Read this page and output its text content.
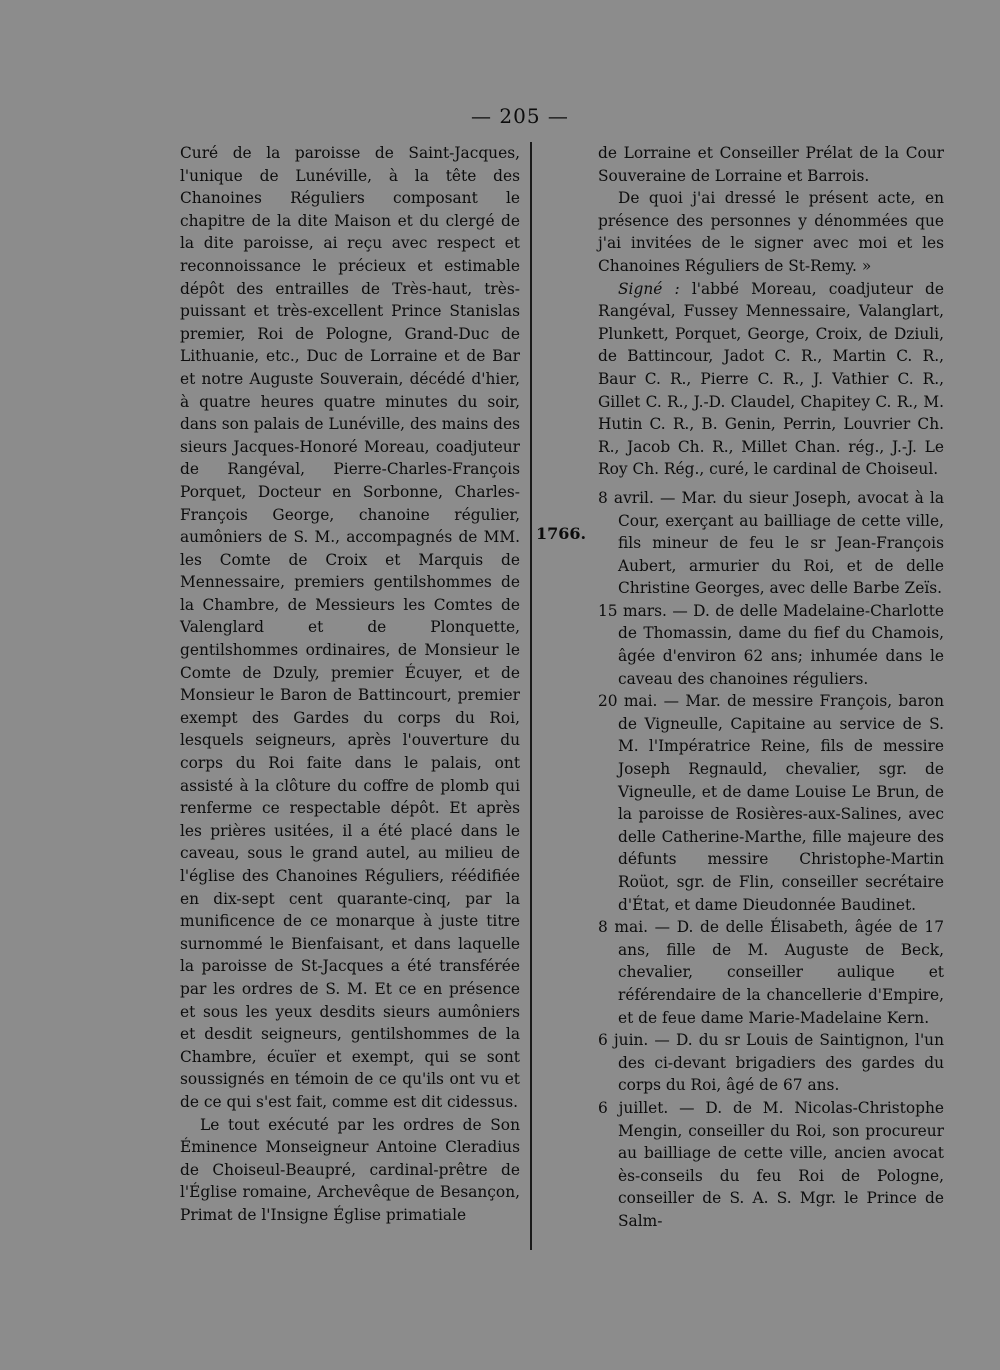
— 205 —

Curé de la paroisse de Saint-Jacques, l'unique de Lunéville, à la tête des Chanoines Réguliers composant le chapitre de la dite Maison et du clergé de la dite paroisse, ai reçu avec respect et reconnoissance le précieux et estimable dépôt des entrailles de Très-haut, très-puissant et très-excellent Prince Stanislas premier, Roi de Pologne, Grand-Duc de Lithuanie, etc., Duc de Lorraine et de Bar et notre Auguste Souverain, décédé d'hier, à quatre heures quatre minutes du soir, dans son palais de Lunéville, des mains des sieurs Jacques-Honoré Moreau, coadjuteur de Rangéval, Pierre-Charles-François Porquet, Docteur en Sorbonne, Charles-François George, chanoine régulier, aumôniers de S. M., accompagnés de MM. les Comte de Croix et Marquis de Mennessaire, premiers gentilshommes de la Chambre, de Messieurs les Comtes de Valenglard et de Plonquette, gentilshommes ordinaires, de Monsieur le Comte de Dzuly, premier Écuyer, et de Monsieur le Baron de Battincourt, premier exempt des Gardes du corps du Roi, lesquels seigneurs, après l'ouverture du corps du Roi faite dans le palais, ont assisté à la clôture du coffre de plomb qui renferme ce respectable dépôt. Et après les prières usitées, il a été placé dans le caveau, sous le grand autel, au milieu de l'église des Chanoines Réguliers, réédifiée en dix-sept cent quarante-cinq, par la munificence de ce monarque à juste titre surnommé le Bienfaisant, et dans laquelle la paroisse de St-Jacques a été transférée par les ordres de S. M. Et ce en présence et sous les yeux desdits sieurs aumôniers et desdit seigneurs, gentilshommes de la Chambre, écuïer et exempt, qui se sont soussignés en témoin de ce qu'ils ont vu et de ce qui s'est fait, comme est dit cidessus.

Le tout exécuté par les ordres de Son Éminence Monseigneur Antoine Cleradius de Choiseul-Beaupré, cardinal-prêtre de l'Église romaine, Archevêque de Besançon, Primat de l'Insigne Église primatiale

1766.

de Lorraine et Conseiller Prélat de la Cour Souveraine de Lorraine et Barrois.

De quoi j'ai dressé le présent acte, en présence des personnes y dénommées que j'ai invitées de le signer avec moi et les Chanoines Réguliers de St-Remy. »

Signé : l'abbé Moreau, coadjuteur de Rangéval, Fussey Mennessaire, Valanglart, Plunkett, Porquet, George, Croix, de Dziuli, de Battincour, Jadot C. R., Martin C. R., Baur C. R., Pierre C. R., J. Vathier C. R., Gillet C. R., J.-D. Claudel, Chapitey C. R., M. Hutin C. R., B. Genin, Perrin, Louvrier Ch. R., Jacob Ch. R., Millet Chan. rég., J.-J. Le Roy Ch. Rég., curé, le cardinal de Choiseul.

8 avril. — Mar. du sieur Joseph, avocat à la Cour, exerçant au bailliage de cette ville, fils mineur de feu le sr Jean-François Aubert, armurier du Roi, et de delle Christine Georges, avec delle Barbe Zeïs.

15 mars. — D. de delle Madelaine-Charlotte de Thomassin, dame du fief du Chamois, âgée d'environ 62 ans; inhumée dans le caveau des chanoines réguliers.

20 mai. — Mar. de messire François, baron de Vigneulle, Capitaine au service de S. M. l'Impératrice Reine, fils de messire Joseph Regnauld, chevalier, sgr. de Vigneulle, et de dame Louise Le Brun, de la paroisse de Rosières-aux-Salines, avec delle Catherine-Marthe, fille majeure des défunts messire Christophe-Martin Roüot, sgr. de Flin, conseiller secrétaire d'État, et dame Dieudonnée Baudinet.

8 mai. — D. de delle Élisabeth, âgée de 17 ans, fille de M. Auguste de Beck, chevalier, conseiller aulique et référendaire de la chancellerie d'Empire, et de feue dame Marie-Madelaine Kern.

6 juin. — D. du sr Louis de Saintignon, l'un des ci-devant brigadiers des gardes du corps du Roi, âgé de 67 ans.

6 juillet. — D. de M. Nicolas-Christophe Mengin, conseiller du Roi, son procureur au bailliage de cette ville, ancien avocat ès-conseils du feu Roi de Pologne, conseiller de S. A. S. Mgr. le Prince de Salm-
